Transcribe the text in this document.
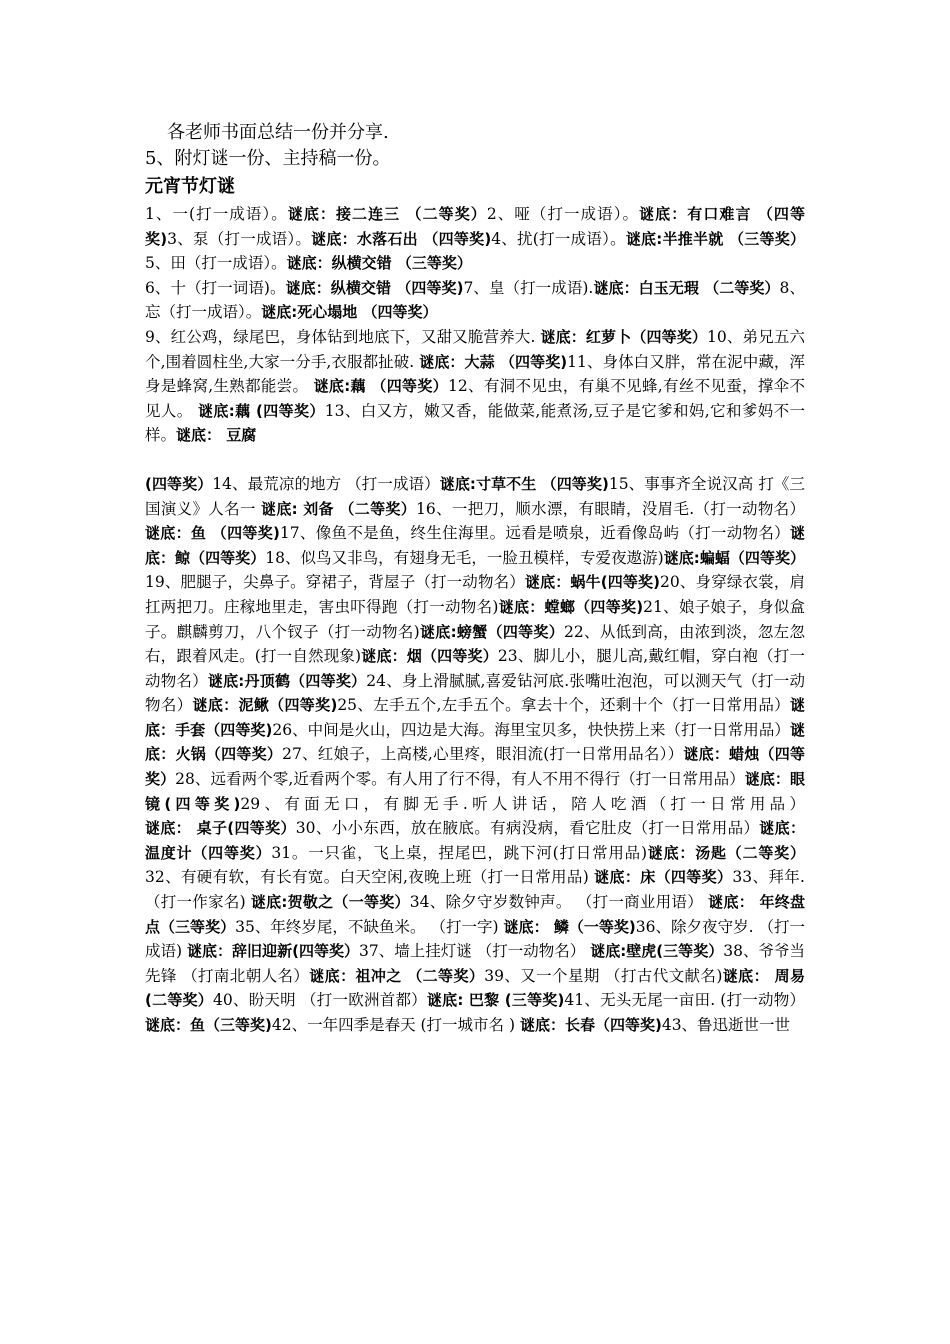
各老师书面总结一份并分享.
5、附灯谜一份、主持稿一份。
元宵节灯谜
1、一(打一成语）。谜底：接二连三 （二等奖）2、哑（打一成语）。谜底：有口难言 （四等奖)3、泵（打一成语）。谜底：水落石出 （四等奖)4、扰(打一成语）。谜底:半推半就 （三等奖）5、田（打一成语）。谜底：纵横交错 （三等奖）
6、十（打一词语)。谜底：纵横交错 （四等奖)7、皇（打一成语).谜底：白玉无瑕 （二等奖）8、忘（打一成语）。谜底:死心塌地 （四等奖）
9、红公鸡，绿尾巴，身体钻到地底下，又甜又脆营养大. 谜底：红萝卜（四等奖）10、弟兄五六个,围着圆柱坐,大家一分手,衣服都扯破. 谜底：大蒜 （四等奖)11、身体白又胖，常在泥中藏，浑身是蜂窝,生熟都能尝。 谜底:藕 （四等奖）12、有洞不见虫，有巢不见蜂,有丝不见蚕，撑伞不见人。 谜底:藕 (四等奖）13、白又方，嫩又香，能做菜,能煮汤,豆子是它爹和妈,它和爹妈不一样。谜底： 豆腐
(四等奖）14、最荒凉的地方 （打一成语）谜底:寸草不生 （四等奖)15、事事齐全说汉高 打《三国演义》人名一 谜底: 刘备 （二等奖）16、一把刀，顺水漂，有眼睛，没眉毛.（打一动物名） 谜底：鱼 （四等奖)17、像鱼不是鱼，终生住海里。远看是喷泉，近看像岛屿（打一动物名）谜底：鲸（四等奖）18、似鸟又非鸟，有翅身无毛，一脸丑模样，专爱夜遨游)谜底:蝙蝠（四等奖）19、肥腿子，尖鼻子。穿裙子，背屋子（打一动物名）谜底：蜗牛(四等奖)20、身穿绿衣裳，肩扛两把刀。庄稼地里走，害虫吓得跑（打一动物名)谜底：螳螂（四等奖)21、娘子娘子，身似盒子。麒麟剪刀，八个钗子（打一动物名)谜底:螃蟹（四等奖）22、从低到高，由浓到淡，忽左忽右，跟着风走。(打一自然现象)谜底：烟（四等奖）23、脚儿小，腿儿高,戴红帽，穿白袍（打一动物名）谜底:丹顶鹤（四等奖）24、身上滑腻腻,喜爱钻河底.张嘴吐泡泡，可以测天气（打一动物名）谜底：泥鳅（四等奖)25、左手五个,左手五个。拿去十个，还剩十个（打一日常用品）谜底：手套（四等奖)26、中间是火山，四边是大海。海里宝贝多，快快捞上来（打一日常用品）谜底：火锅（四等奖）27、红娘子，上高楼,心里疼，眼泪流(打一日常用品名））谜底：蜡烛（四等奖）28、远看两个零,近看两个零。有人用了行不得，有人不用不得行（打一日常用品）谜底：眼镜(四等奖)29、有面无口，有脚无手.听人讲话，陪人吃酒（打一日常用品）谜底： 桌子(四等奖）30、小小东西，放在腋底。有病没病，看它肚皮（打一日常用品）谜底：温度计（四等奖）31。一只雀，飞上桌，捏尾巴，跳下河(打日常用品)谜底：汤匙（二等奖）32、有硬有软，有长有宽。白天空闲,夜晚上班（打一日常用品) 谜底：床（四等奖）33、拜年. （打一作家名) 谜底:贺敬之（一等奖）34、除夕守岁数钟声。 （打一商业用语） 谜底： 年终盘点（三等奖）35、年终岁尾，不缺鱼米。 （打一字) 谜底： 鳞（一等奖)36、除夕夜守岁. （打一成语) 谜底：辞旧迎新(四等奖）37、墙上挂灯谜 （打一动物名） 谜底:壁虎(三等奖）38、爷爷当先锋 （打南北朝人名）谜底：祖冲之 （二等奖）39、又一个星期 （打古代文献名)谜底： 周易 (二等奖）40、盼天明 （打一欧洲首都）谜底: 巴黎 (三等奖)41、无头无尾一亩田. (打一动物） 谜底：鱼（三等奖)42、一年四季是春天 (打一城市名 ) 谜底：长春（四等奖)43、鲁迅逝世一世
